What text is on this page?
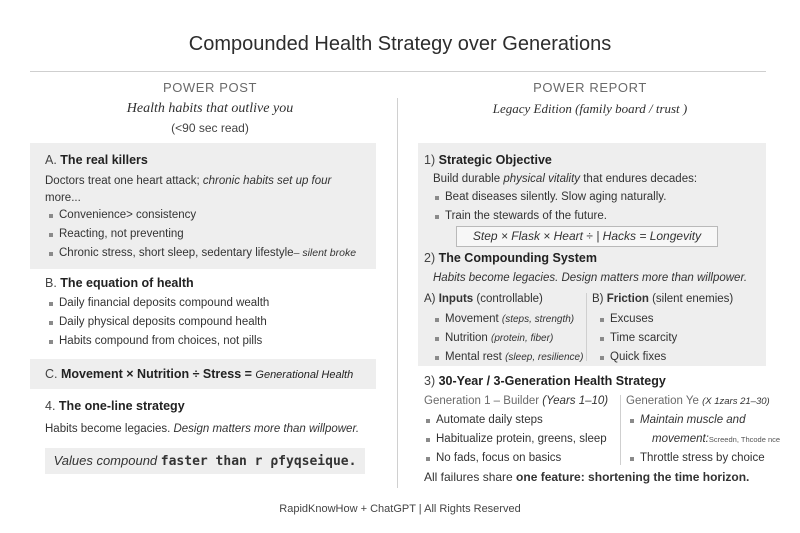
Compounded Health Strategy over Generations
POWER POST
Health habits that outlive you
(<90 sec read)
A. The real killers
Doctors treat one heart attack; chronic habits set up four
more...
Convenience> consistency
Reacting, not preventing
Chronic stress, short sleep, sedentary lifestyle– silent broke
B. The equation of health
Daily financial deposits compound wealth
Daily physical deposits compound health
Habits compound from choices, not pills
C. Movement × Nutrition ÷ Stress = Generational Health
4. The one-line strategy
Habits become legacies. Design matters more than willpower.
Values compound faster than r ρfyqseique.
POWER REPORT
Legacy Edition (family board / trust )
1) Strategic Objective
Build durable physical vitality that endures decades:
Beat diseases silently. Slow aging naturally.
Train the stewards of the future.
Step × Flask × Heart ÷ | Hacks = Longevity
2) The Compounding System
Habits become legacies. Design matters more than willpower.
A) Inputs (controllable)
Movement (steps, strength)
Nutrition (protein, fiber)
Mental rest (sleep, resilience)
B) Friction (silent enemies)
Excuses
Time scarcity
Quick fixes
3) 30-Year / 3-Generation Health Strategy
Generation 1 – Builder (Years 1–10)
Automate daily steps
Habitualize protein, greens, sleep
No fads, focus on basics
Generation Ye (X 1zars 21–30)
Maintain muscle and
movement:Screedn, Thcode nce
Throttle stress by choice
All failures share one feature: shortening the time horizon.
RapidKnowHow + ChatGPT | All Rights Reserved
